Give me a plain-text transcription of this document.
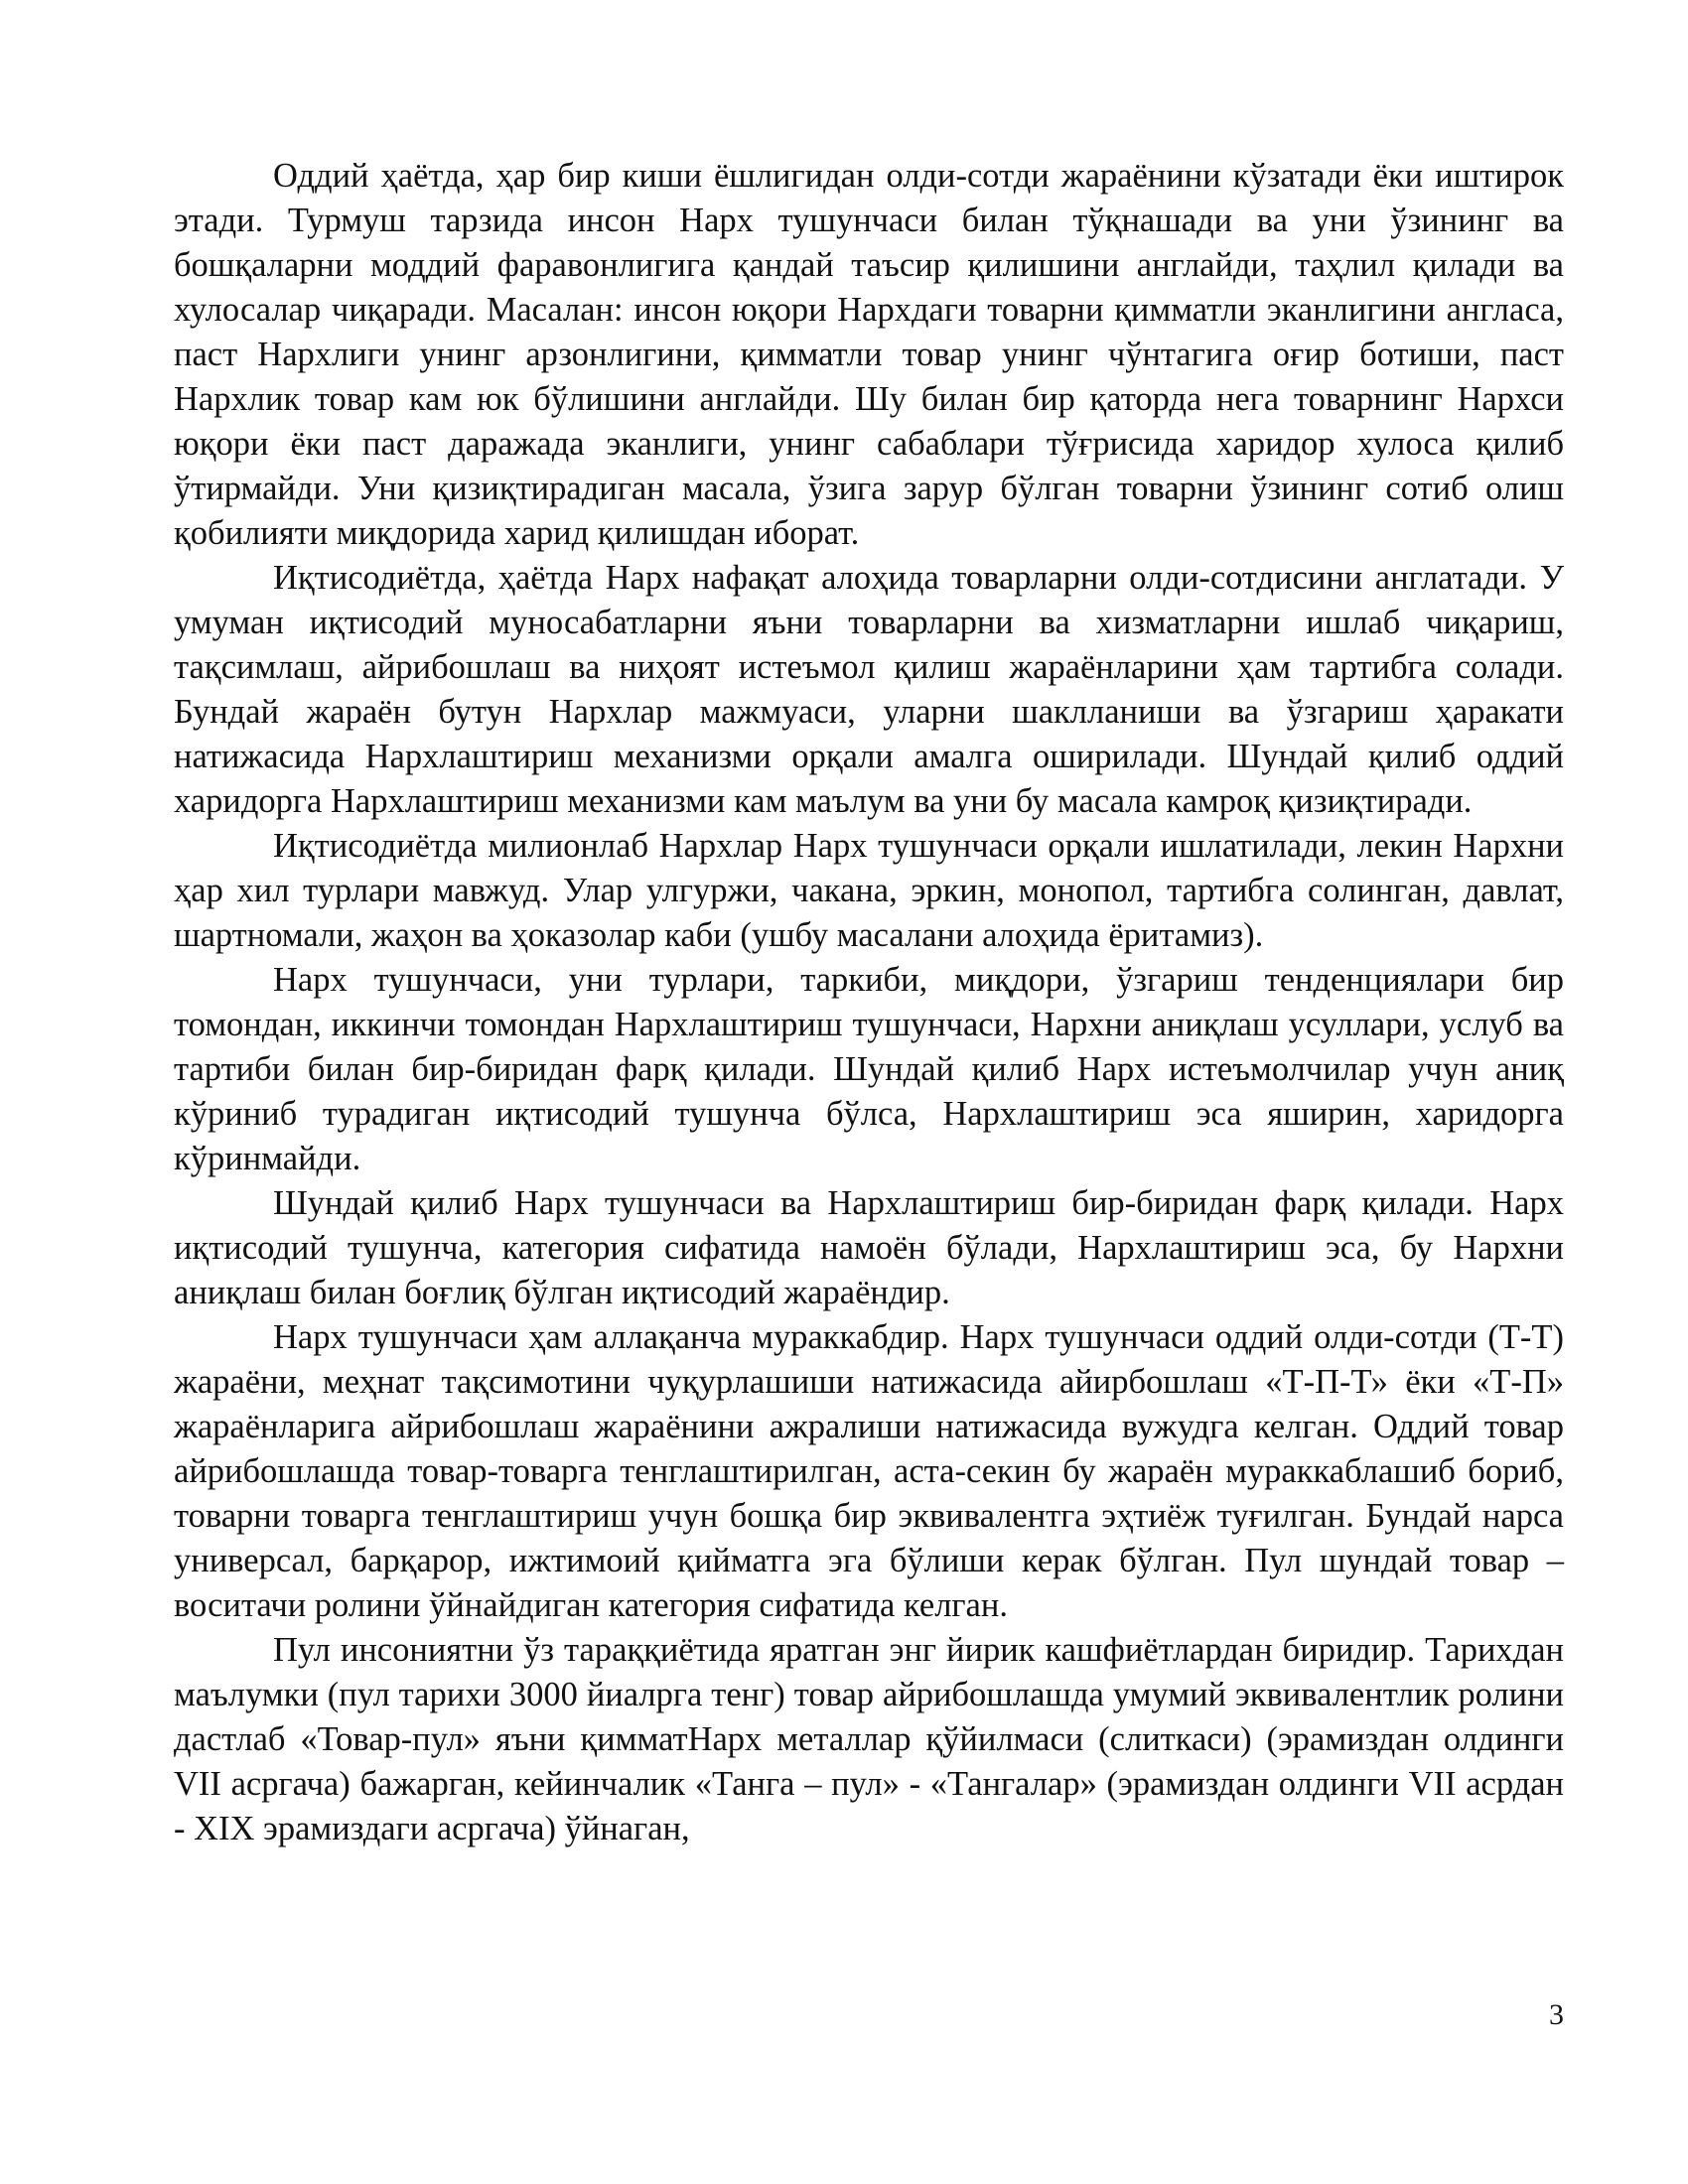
Оддий ҳаётда, ҳар бир киши ёшлигидан олди-сотди жараёнини кўзатади ёки иштирок этади. Турмуш тарзида инсон Нарх тушунчаси билан тўқнашади ва уни ўзининг ва бошқаларни моддий фаравонлигига қандай таъсир қилишини англайди, таҳлил қилади ва хулосалар чиқаради. Масалан: инсон юқори Нархдаги товарни қимматли эканлигини англаса, паст Нархлиги унинг арзонлигини, қимматли товар унинг чўнтагига оғир ботиши, паст Нархлик товар кам юк бўлишини англайди. Шу билан бир қаторда нега товарнинг Нархси юқори ёки паст даражада эканлиги, унинг сабаблари тўғрисида харидор хулоса қилиб ўтирмайди. Уни қизиқтирадиган масала, ўзига зарур бўлган товарни ўзининг сотиб олиш қобилияти миқдорида харид қилишдан иборат.

Иқтисодиётда, ҳаётда Нарх нафақат алоҳида товарларни олди-сотдисини англатади. У умуман иқтисодий муносабатларни яъни товарларни ва хизматларни ишлаб чиқариш, тақсимлаш, айрибошлаш ва ниҳоят истеъмол қилиш жараёнларини ҳам тартибга солади. Бундай жараён бутун Нархлар мажмуаси, уларни шаклланиши ва ўзгариш ҳаракати натижасида Нархлаштириш механизми орқали амалга оширилади. Шундай қилиб оддий харидорга Нархлаштириш механизми кам маълум ва уни бу масала камроқ қизиқтиради.

Иқтисодиётда милионлаб Нархлар Нарх тушунчаси орқали ишлатилади, лекин Нархни ҳар хил турлари мавжуд. Улар улгуржи, чакана, эркин, монопол, тартибга солинган, давлат, шартномали, жаҳон ва ҳоказолар каби (ушбу масалани алоҳида ёритамиз).

Нарх тушунчаси, уни турлари, таркиби, миқдори, ўзгариш тенденциялари бир томондан, иккинчи томондан Нархлаштириш тушунчаси, Нархни аниқлаш усуллари, услуб ва тартиби билан бир-биридан фарқ қилади. Шундай қилиб Нарх истеъмолчилар учун аниқ кўриниб турадиган иқтисодий тушунча бўлса, Нархлаштириш эса яширин, харидорга кўринмайди.

Шундай қилиб Нарх тушунчаси ва Нархлаштириш бир-биридан фарқ қилади. Нарх иқтисодий тушунча, категория сифатида намоён бўлади, Нархлаштириш эса, бу Нархни аниқлаш билан боғлиқ бўлган иқтисодий жараёндир.

Нарх тушунчаси ҳам аллақанча мураккабдир. Нарх тушунчаси оддий олди-сотди (Т-Т) жараёни, меҳнат тақсимотини чуқурлашиши натижасида айирбошлаш «Т-П-Т» ёки «Т-П» жараёнларига айрибошлаш жараёнини ажралиши натижасида вужудга келган. Оддий товар айрибошлашда товар-товарга тенглаштирилган, аста-секин бу жараён мураккаблашиб бориб, товарни товарга тенглаштириш учун бошқа бир эквивалентга эҳтиёж туғилган. Бундай нарса универсал, барқарор, ижтимоий қийматга эга бўлиши керак бўлган. Пул шундай товар – воситачи ролини ўйнайдиган категория сифатида келган.

Пул инсониятни ўз тараққиётида яратган энг йирик кашфиётлардан биридир. Тарихдан маълумки (пул тарихи 3000 йиалрга тенг) товар айрибошлашда умумий эквивалентлик ролини дастлаб «Товар-пул» яъни қимматНарх металлар қўйилмаси (слиткаси) (эрамиздан олдинги VII асргача) бажарган, кейинчалик «Танга – пул» - «Тангалар» (эрамиздан олдинги VII асрдан - XIX эрамиздаги асргача) ўйнаган,

3
